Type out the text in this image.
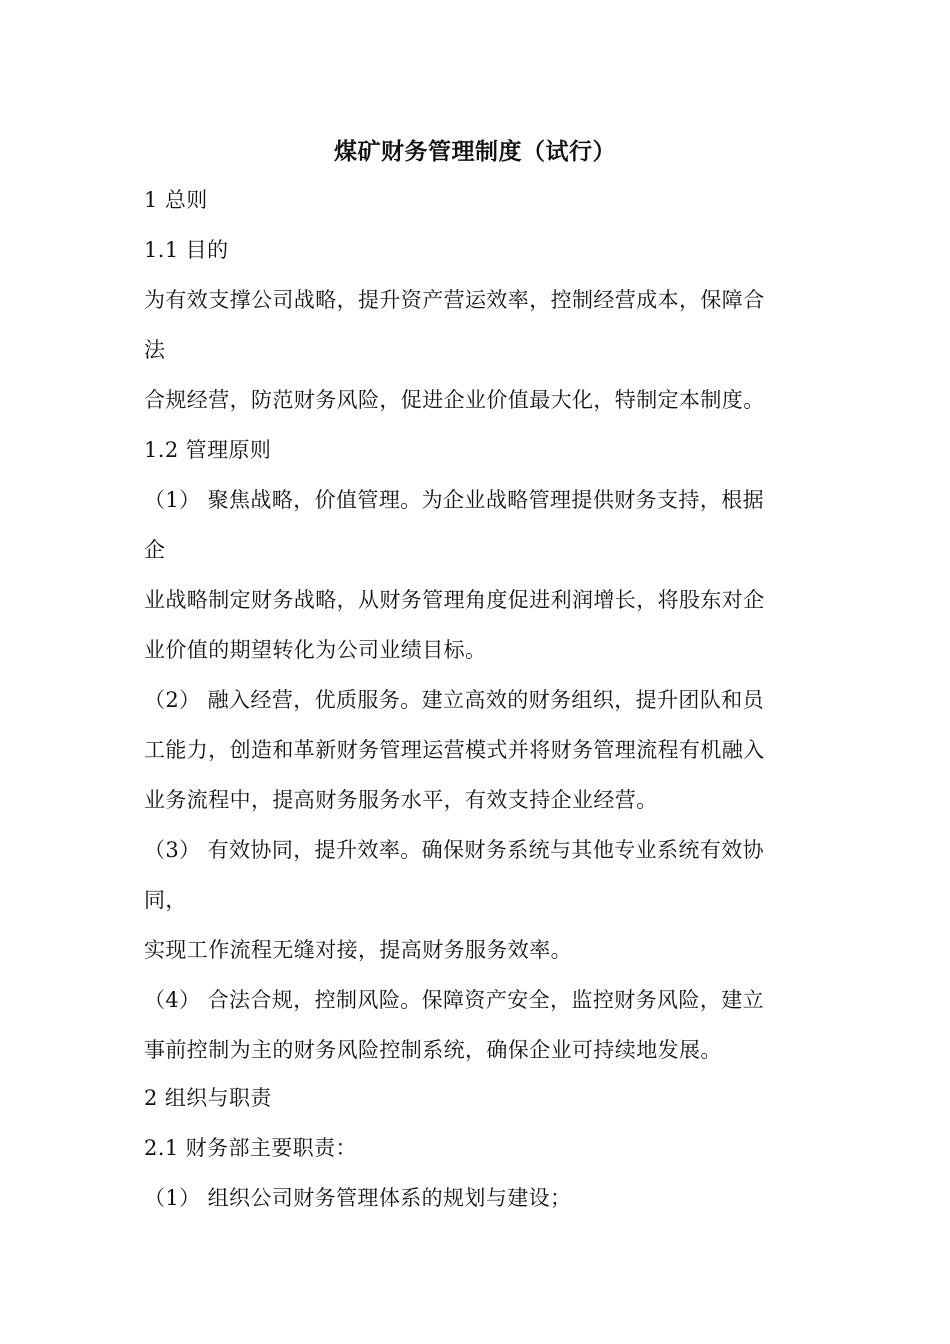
煤矿财务管理制度（试行）
1 总则
1.1 目的
为有效支撑公司战略，提升资产营运效率，控制经营成本，保障合
法
合规经营，防范财务风险，促进企业价值最大化，特制定本制度。
1.2 管理原则
（1） 聚焦战略，价值管理。为企业战略管理提供财务支持，根据
企
业战略制定财务战略，从财务管理角度促进利润增长，将股东对企
业价值的期望转化为公司业绩目标。
（2） 融入经营，优质服务。建立高效的财务组织，提升团队和员
工能力，创造和革新财务管理运营模式并将财务管理流程有机融入
业务流程中，提高财务服务水平，有效支持企业经营。
（3） 有效协同，提升效率。确保财务系统与其他专业系统有效协
同，
实现工作流程无缝对接，提高财务服务效率。
（4） 合法合规，控制风险。保障资产安全，监控财务风险，建立
事前控制为主的财务风险控制系统，确保企业可持续地发展。
2 组织与职责
2.1 财务部主要职责：
（1） 组织公司财务管理体系的规划与建设；
